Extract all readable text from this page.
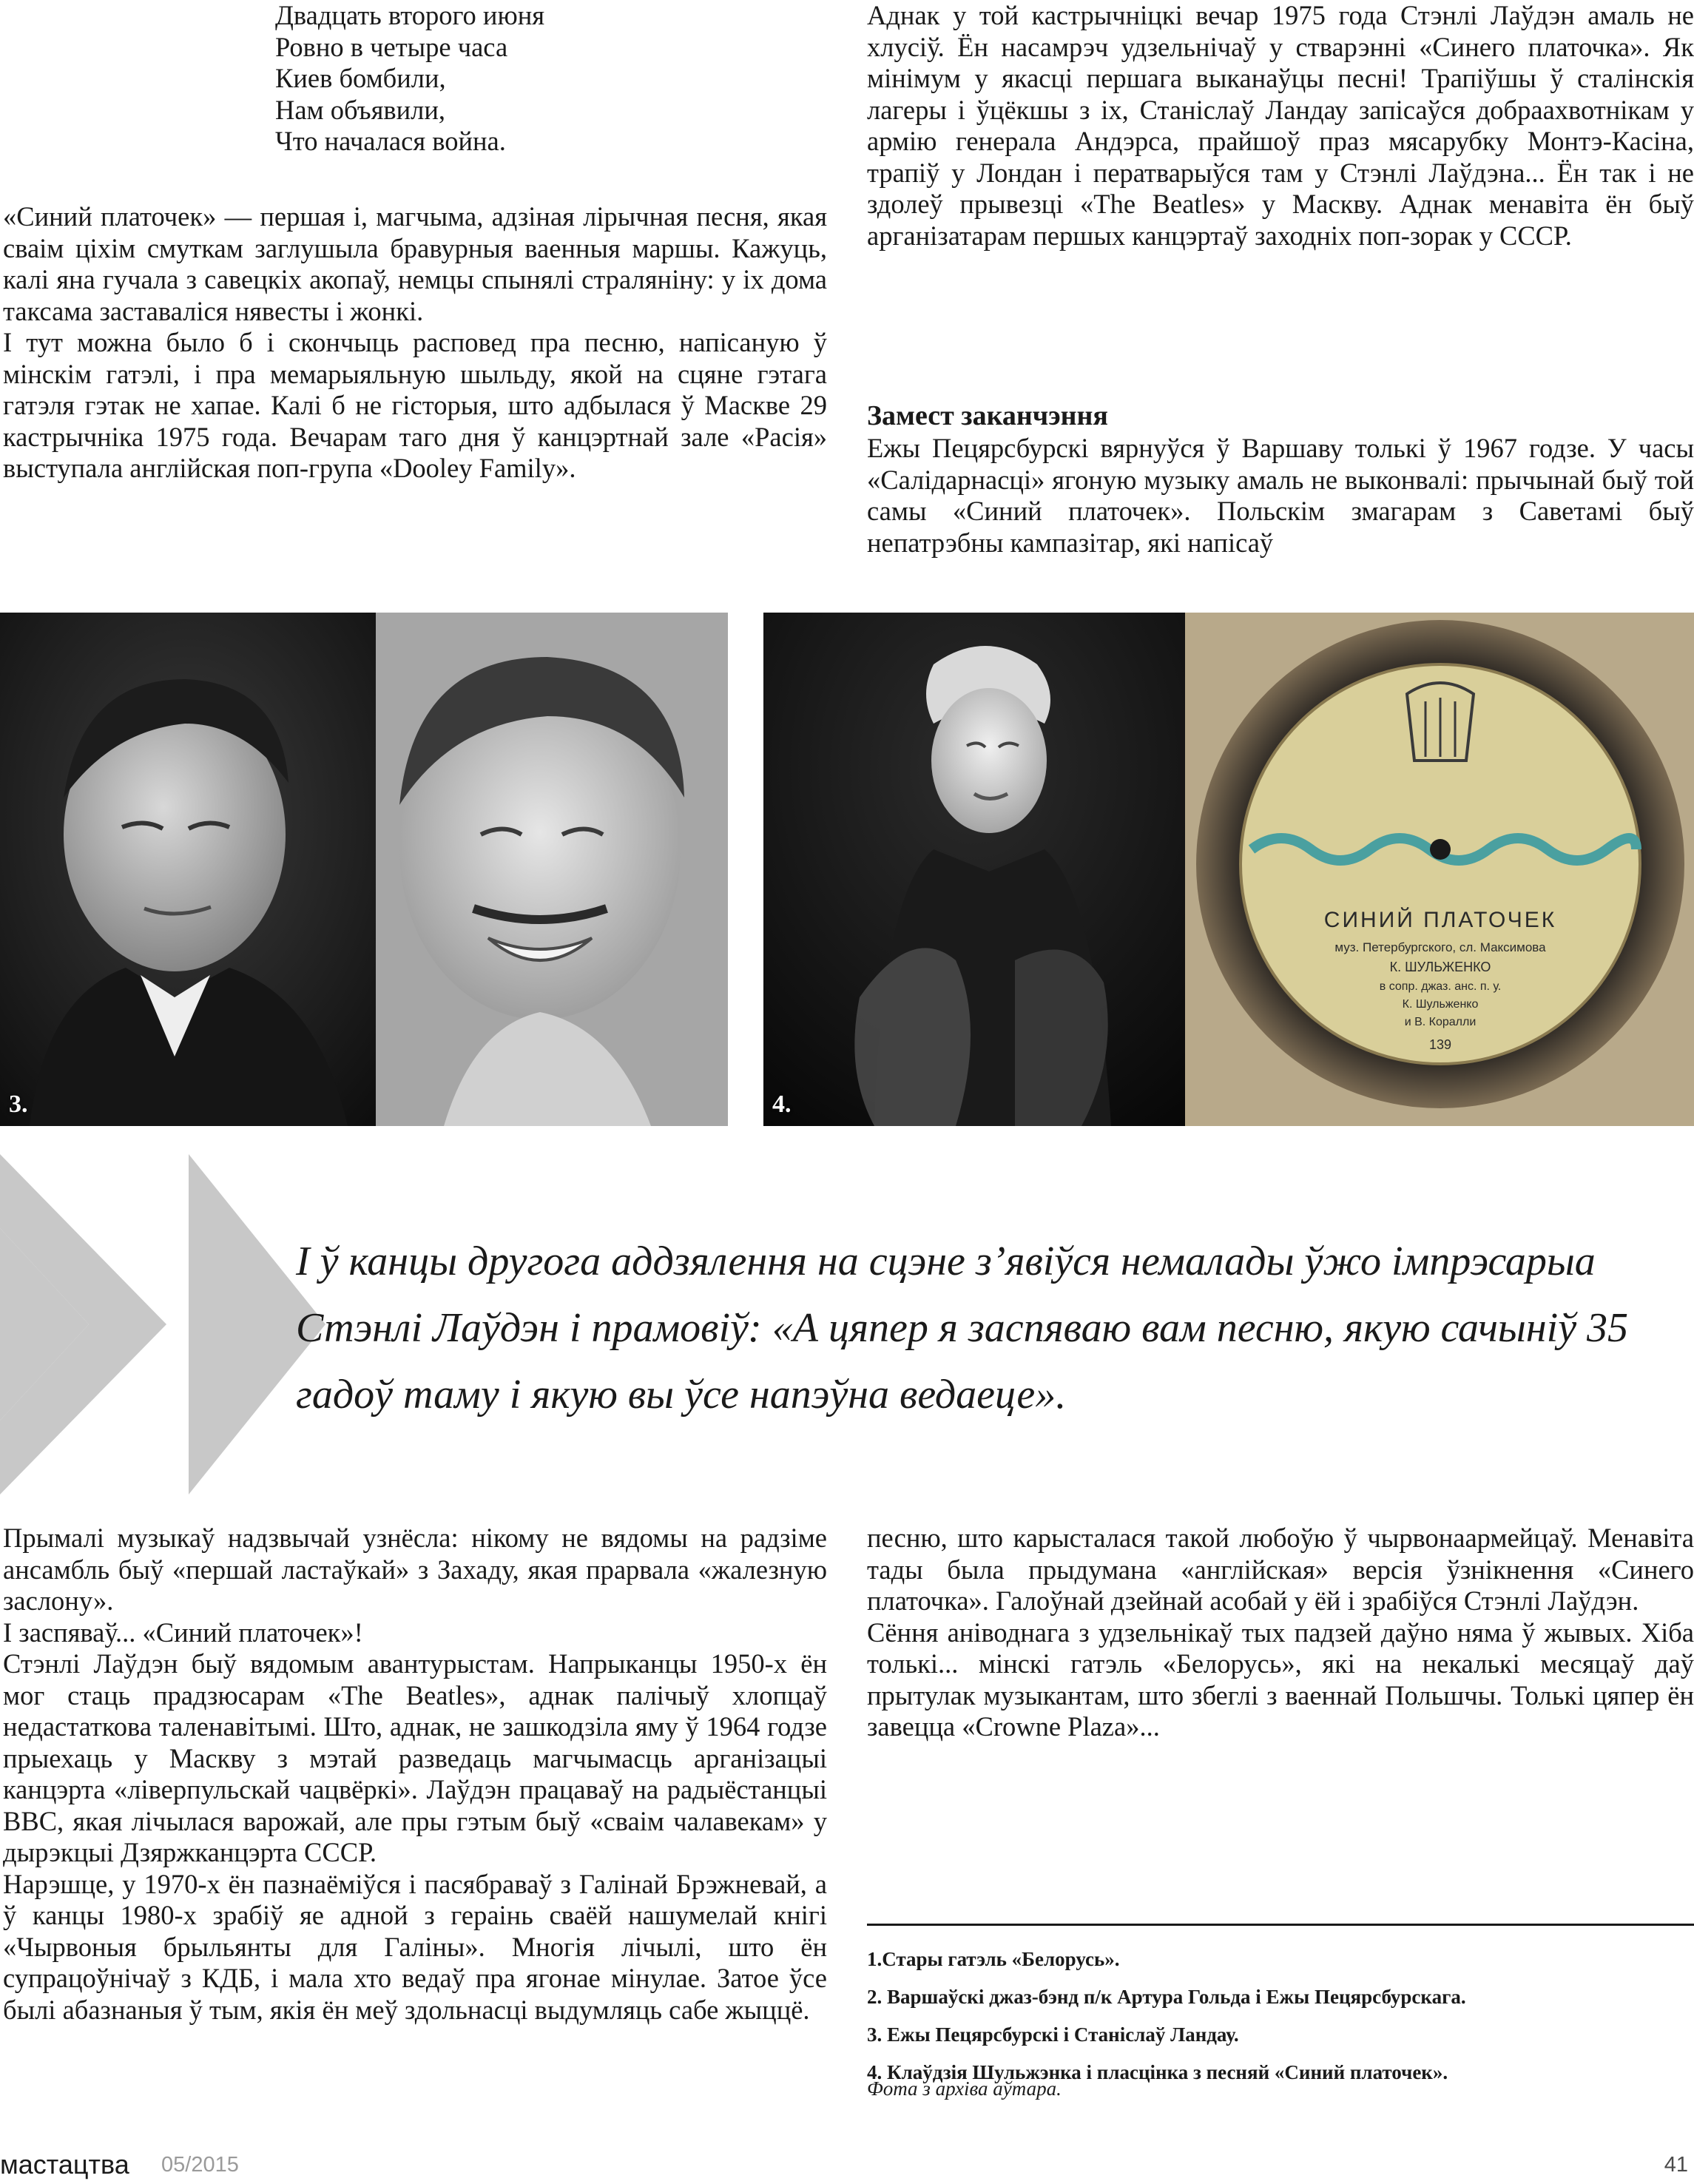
Двадцать второго июня
Ровно в четыре часа
Киев бомбили,
Нам объявили,
Что началася война.

«Синий платочек» — першая і, магчыма, адзіная лірычная песня, якая сваім ціхім смуткам заглушыла бравурныя ваенныя маршы. Кажуць, калі яна гучала з савецкіх акопаў, немцы спынялі страляніну: у іх дома таксама заставаліся нявесты і жонкі.

І тут можна было б і скончыць расповед пра песню, напісаную ў мінскім гатэлі, і пра мемарыяльную шыльду, якой на сцяне гэтага гатэля гэтак не хапае. Калі б не гісторыя, што адбылася ў Маскве 29 кастрычніка 1975 года. Вечарам таго дня ў канцэртнай зале «Расія» выступала англійская поп-група «Dooley Family».

Аднак у той кастрычніцкі вечар 1975 года Стэнлі Лаўдэн амаль не хлусіў. Ён насамрэч удзельнічаў у стварэнні «Синего платочка». Як мінімум у якасці першага выканаўцы песні! Трапіўшы ў сталінскія лагеры і ўцёкшы з іх, Станіслаў Ландау запісаўся добраахвотнікам у армію генерала Андэрса, прайшоў праз мясарубку Монтэ-Касіна, трапіў у Лондан і ператварыўся там у Стэнлі Лаўдэна... Ён так і не здолеў прывезці «The Beatles» у Маскву. Аднак менавіта ён быў арганізатарам першых канцэртаў заходніх поп-зорак у СССР.

Замест заканчэння

Ежы Пецярсбурскі вярнуўся ў Варшаву толькі ў 1967 годзе. У часы «Салідарнасці» ягоную музыку амаль не выконвалі: прычынай быў той самы «Синий платочек». Польскім змагарам з Саветамі быў непатрэбны кампазітар, які напісаў

3.
СИНИЙ ПЛАТОЧЕК
муз. Петербургского, сл. Максимова
К. ШУЛЬЖЕНКО
в сопр. джаз. анс. п. у.
К. Шульженко
и В. Коралли
139
4.

І ў канцы другога аддзялення на сцэне з’явіўся немалады ўжо імпрэсарыа Стэнлі Лаўдэн і прамовіў: «А цяпер я заспяваю вам песню, якую сачыніў 35 гадоў таму і якую вы ўсе напэўна ведаеце».

Прымалі музыкаў надзвычай узнёсла: нікому не вядомы на радзіме ансамбль быў «першай ластаўкай» з Захаду, якая прарвала «жалезную заслону».

І заспяваў... «Синий платочек»!

Стэнлі Лаўдэн быў вядомым авантурыстам. Напрыканцы 1950-х ён мог стаць прадзюсарам «The Beatles», аднак палічыў хлопцаў недастаткова таленавітымі. Што, аднак, не зашкодзіла яму ў 1964 годзе прыехаць у Маскву з мэтай разведаць магчымасць арганізацыі канцэрта «ліверпульскай чацвёркі». Лаўдэн працаваў на радыёстанцыі ВВС, якая лічылася варожай, але пры гэтым быў «сваім чалавекам» у дырэкцыі Дзяржканцэрта СССР.

Нарэшце, у 1970-х ён пазнаёміўся і пасябраваў з Галінай Брэжневай, а ў канцы 1980-х зрабіў яе адной з гераінь сваёй нашумелай кнігі «Чырвоныя брыльянты для Галіны». Многія лічылі, што ён супрацоўнічаў з КДБ, і мала хто ведаў пра ягонае мінулае. Затое ўсе былі абазнаныя ў тым, якія ён меў здольнасці выдумляць сабе жыццё.

песню, што карысталася такой любоўю ў чырвонаармейцаў. Менавіта тады была прыдумана «англійская» версія ўзнікнення «Синего платочка». Галоўнай дзейнай асобай у ёй і зрабіўся Стэнлі Лаўдэн.

Сёння аніводнага з удзельнікаў тых падзей даўно няма ў жывых. Хіба толькі... мінскі гатэль «Белорусь», які на некалькі месяцаў даў прытулак музыкантам, што збеглі з ваеннай Польшчы. Толькі цяпер ён завецца «Crowne Plaza»...

1.Стары гатэль «Белорусь».
2. Варшаўскі джаз-бэнд п/к Артура Гольда і Ежы Пецярсбурскага.
3. Ежы Пецярсбурскі і Станіслаў Ландау.
4. Клаўдзія Шульжэнка і пласцінка з песняй «Синий платочек».
Фота з архіва аўтара.
мастацтва 05/2015	41
